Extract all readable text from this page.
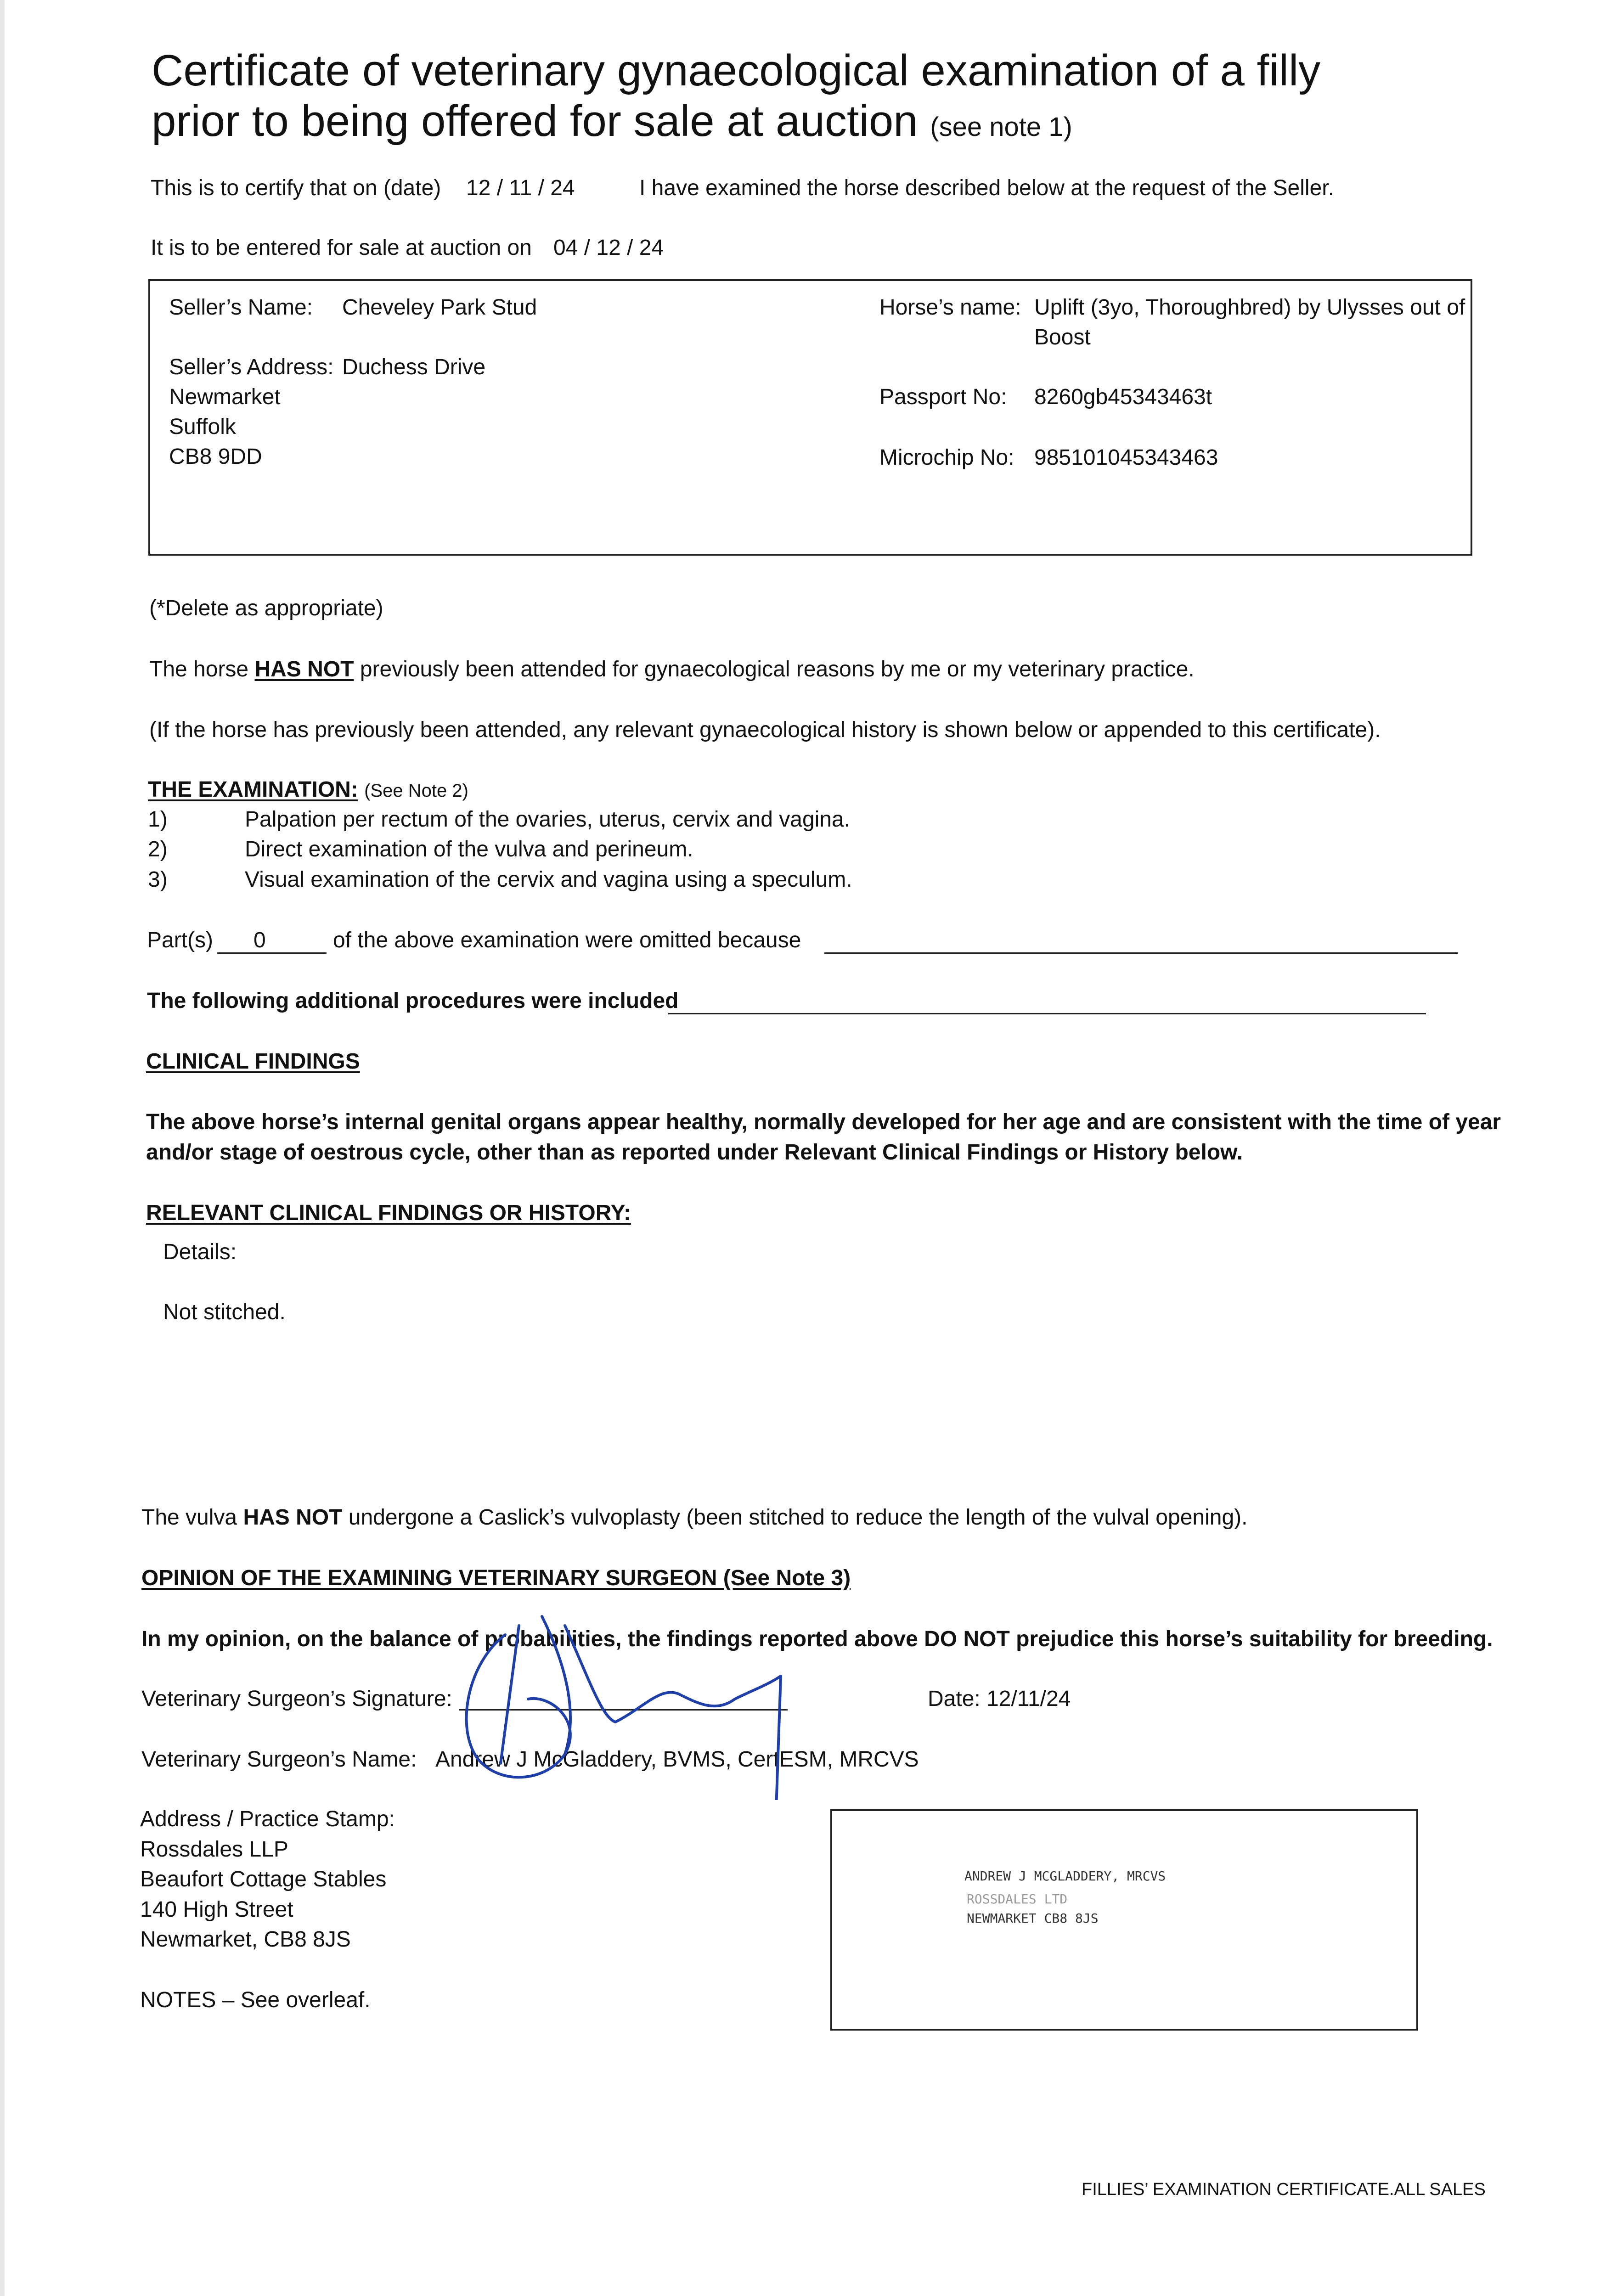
Certificate of veterinary gynaecological examination of a filly
prior to being offered for sale at auction (see note 1)
This is to certify that on (date) 12 / 11 / 24	I have examined the horse described below at the request of the Seller.
It is to be entered for sale at auction on 04 / 12 / 24
Seller’s Name: Cheveley Park Stud
Seller’s Address: Duchess Drive
Newmarket
Suffolk
CB8 9DD
Horse’s name: Uplift (3yo, Thoroughbred) by Ulysses out of
Boost
Passport No: 8260gb45343463t
Microchip No: 985101045343463
(*Delete as appropriate)
The horse HAS NOT previously been attended for gynaecological reasons by me or my veterinary practice.
(If the horse has previously been attended, any relevant gynaecological history is shown below or appended to this certificate).
THE EXAMINATION: (See Note 2)
1)	Palpation per rectum of the ovaries, uterus, cervix and vagina.
2)	Direct examination of the vulva and perineum.
3)	Visual examination of the cervix and vagina using a speculum.
Part(s) 0	of the above examination were omitted because
The following additional procedures were included
CLINICAL FINDINGS
The above horse’s internal genital organs appear healthy, normally developed for her age and are consistent with the time of year
and/or stage of oestrous cycle, other than as reported under Relevant Clinical Findings or History below.
RELEVANT CLINICAL FINDINGS OR HISTORY:
Details:
Not stitched.
The vulva HAS NOT undergone a Caslick’s vulvoplasty (been stitched to reduce the length of the vulval opening).
OPINION OF THE EXAMINING VETERINARY SURGEON (See Note 3)
In my opinion, on the balance of probabilities, the findings reported above DO NOT prejudice this horse’s suitability for breeding.
Veterinary Surgeon’s Signature:	Date: 12/11/24
Veterinary Surgeon’s Name: Andrew J McGladdery, BVMS, CertESM, MRCVS
Address / Practice Stamp:
Rossdales LLP
Beaufort Cottage Stables
140 High Street
Newmarket, CB8 8JS
NOTES – See overleaf.
ANDREW J MCGLADDERY, MRCVS
ROSSDALES LTD
NEWMARKET CB8 8JS
FILLIES’ EXAMINATION CERTIFICATE.ALL SALES
